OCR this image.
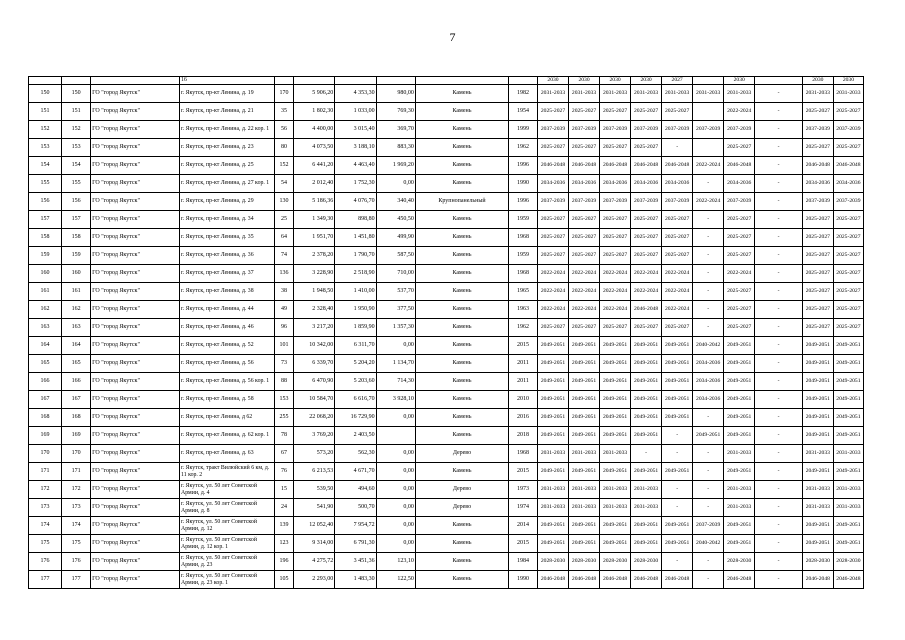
7
			16							2030	2030	2030	2030	2027		2030		2030	2030
150	150	ГО "город Якутск"	г. Якутск, пр-кт Ленина, д. 19	170	5 906,20	4 353,30	980,00	Камень	1982	2031-2033	2031-2033	2031-2033	2031-2033	2031-2033	2031-2033	2031-2033	-	2031-2033	2031-2033
151	151	ГО "город Якутск"	г. Якутск, пр-кт Ленина, д. 21	35	1 802,30	1 033,00	769,30	Камень	1954	2025-2027	2025-2027	2025-2027	2025-2027	2025-2027		2022-2024	-	2025-2027	2025-2027
152	152	ГО "город Якутск"	г. Якутск, пр-кт Ленина, д. 22 кор. 1	56	4 400,00	3 015,40	369,70	Камень	1999	2037-2039	2037-2039	2037-2039	2037-2039	2037-2039	2037-2039	2037-2039	-	2037-2039	2037-2039
153	153	ГО "город Якутск"	г. Якутск, пр-кт Ленина, д. 23	80	4 073,50	3 188,10	883,30	Камень	1962	2025-2027	2025-2027	2025-2027	2025-2027	-		2025-2027	-	2025-2027	2025-2027
154	154	ГО "город Якутск"	г. Якутск, пр-кт Ленина, д. 25	152	6 441,20	4 463,40	1 969,20	Камень	1996	2046-2048	2046-2048	2046-2048	2046-2048	2046-2048	2022-2024	2046-2048	-	2046-2048	2046-2048
155	155	ГО "город Якутск"	г. Якутск, пр-кт Ленина, д. 27 кор. 1	54	2 012,40	1 752,30	0,00	Камень	1990	2034-2036	2034-2036	2034-2036	2034-2036	2034-2036	-	2034-2036	-	2034-2036	2034-2036
156	156	ГО "город Якутск"	г. Якутск, пр-кт Ленина, д. 29	130	5 186,36	4 076,70	340,40	Крупнопанельный	1996	2037-2039	2037-2039	2037-2039	2037-2039	2037-2039	2022-2024	2037-2039	-	2037-2039	2037-2039
157	157	ГО "город Якутск"	г. Якутск, пр-кт Ленина, д. 34	25	1 349,30	898,80	450,50	Камень	1959	2025-2027	2025-2027	2025-2027	2025-2027	2025-2027	-	2025-2027	-	2025-2027	2025-2027
158	158	ГО "город Якутск"	г. Якутск, пр-кт Ленина, д. 35	64	1 951,70	1 451,80	499,90	Камень	1968	2025-2027	2025-2027	2025-2027	2025-2027	2025-2027	-	2025-2027	-	2025-2027	2025-2027
159	159	ГО "город Якутск"	г. Якутск, пр-кт Ленина, д. 36	74	2 378,20	1 790,70	587,50	Камень	1959	2025-2027	2025-2027	2025-2027	2025-2027	2025-2027	-	2025-2027	-	2025-2027	2025-2027
160	160	ГО "город Якутск"	г. Якутск, пр-кт Ленина, д. 37	136	3 228,90	2 518,90	710,00	Камень	1968	2022-2024	2022-2024	2022-2024	2022-2024	2022-2024	-	2022-2024	-	2025-2027	2025-2027
161	161	ГО "город Якутск"	г. Якутск, пр-кт Ленина, д. 38	38	1 948,50	1 410,00	537,70	Камень	1965	2022-2024	2022-2024	2022-2024	2022-2024	2022-2024	-	2025-2027	-	2025-2027	2025-2027
162	162	ГО "город Якутск"	г. Якутск, пр-кт Ленина, д. 44	49	2 328,40	1 950,90	377,50	Камень	1963	2022-2024	2022-2024	2022-2024	2046-2048	2022-2024	-	2025-2027	-	2025-2027	2025-2027
163	163	ГО "город Якутск"	г. Якутск, пр-кт Ленина, д. 46	96	3 217,20	1 859,90	1 357,30	Камень	1962	2025-2027	2025-2027	2025-2027	2025-2027	2025-2027	-	2025-2027	-	2025-2027	2025-2027
164	164	ГО "город Якутск"	г. Якутск, пр-кт Ленина, д. 52	101	10 342,00	6 311,70	0,00	Камень	2015	2049-2051	2049-2051	2049-2051	2049-2051	2049-2051	2040-2042	2049-2051	-	2049-2051	2049-2051
165	165	ГО "город Якутск"	г. Якутск, пр-кт Ленина, д. 56	73	6 339,70	5 204,20	1 134,70	Камень	2011	2049-2051	2049-2051	2049-2051	2049-2051	2049-2051	2034-2036	2049-2051	-	2049-2051	2049-2051
166	166	ГО "город Якутск"	г. Якутск, пр-кт Ленина, д. 56 кор. 1	88	6 470,90	5 203,60	714,30	Камень	2011	2049-2051	2049-2051	2049-2051	2049-2051	2049-2051	2034-2036	2049-2051	-	2049-2051	2049-2051
167	167	ГО "город Якутск"	г. Якутск, пр-кт Ленина, д. 58	153	10 584,70	6 616,70	3 928,10	Камень	2010	2049-2051	2049-2051	2049-2051	2049-2051	2049-2051	2034-2036	2049-2051	-	2049-2051	2049-2051
168	168	ГО "город Якутск"	г. Якутск, пр-кт Ленина, д 62	255	22 068,20	16 729,90	0,00	Камень	2016	2049-2051	2049-2051	2049-2051	2049-2051	2049-2051	-	2049-2051	-	2049-2051	2049-2051
169	169	ГО "город Якутск"	г. Якутск, пр-кт Ленина, д. 62 кор. 1	78	3 769,20	2 403,50		Камень	2018	2049-2051	2049-2051	2049-2051	2049-2051	-	2049-2051	2049-2051	-	2049-2051	2049-2051
170	170	ГО "город Якутск"	г. Якутск, пр-кт Ленина, д. 63	67	573,20	562,30	0,00	Дерево	1968	2031-2033	2031-2033	2031-2033	-	-	-	2031-2033	-	2031-2033	2031-2033
171	171	ГО "город Якутск"	г. Якутск, тракт Вилюйский 6 км, д. 11 кор. 2	76	6 213,53	4 671,70	0,00	Камень	2015	2049-2051	2049-2051	2049-2051	2049-2051	2049-2051	-	2049-2051	-	2049-2051	2049-2051
172	172	ГО "город Якутск"	г. Якутск, ул. 50 лет Советской Армии, д. 4	15	539,50	494,60	0,00	Дерево	1973	2031-2033	2031-2033	2031-2033	2031-2033	-	-	2031-2033	-	2031-2033	2031-2033
173	173	ГО "город Якутск"	г. Якутск, ул. 50 лет Советской Армии, д. 8	24	541,90	500,70	0,00	Дерево	1974	2031-2033	2031-2033	2031-2033	2031-2033	-	-	2031-2033	-	2031-2033	2031-2033
174	174	ГО "город Якутск"	г. Якутск, ул. 50 лет Советской Армии, д. 12	139	12 052,40	7 954,72	0,00	Камень	2014	2049-2051	2049-2051	2049-2051	2049-2051	2049-2051	2037-2039	2049-2051	-	2049-2051	2049-2051
175	175	ГО "город Якутск"	г. Якутск, ул. 50 лет Советской Армии, д. 12 кор. 1	123	9 314,00	6 791,30	0,00	Камень	2015	2049-2051	2049-2051	2049-2051	2049-2051	2049-2051	2040-2042	2049-2051	-	2049-2051	2049-2051
176	176	ГО "город Якутск"	г. Якутск, ул. 50 лет Советской Армии, д. 23	196	4 275,72	3 451,36	123,10	Камень	1984	2028-2030	2028-2030	2028-2030	2028-2030	-	-	2028-2030	-	2028-2030	2028-2030
177	177	ГО "город Якутск"	г. Якутск, ул. 50 лет Советской Армии, д. 23 кор. 1	105	2 293,00	1 483,30	122,50	Камень	1990	2046-2048	2046-2048	2046-2048	2046-2048	2046-2048	-	2046-2048	-	2046-2048	2046-2048
